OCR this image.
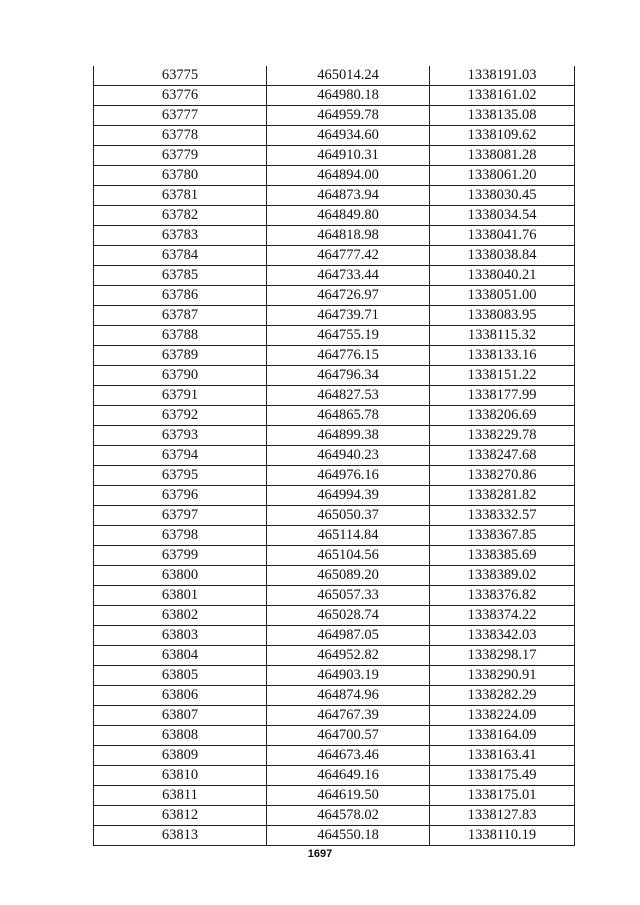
63775	465014.24	1338191.03
63776	464980.18	1338161.02
63777	464959.78	1338135.08
63778	464934.60	1338109.62
63779	464910.31	1338081.28
63780	464894.00	1338061.20
63781	464873.94	1338030.45
63782	464849.80	1338034.54
63783	464818.98	1338041.76
63784	464777.42	1338038.84
63785	464733.44	1338040.21
63786	464726.97	1338051.00
63787	464739.71	1338083.95
63788	464755.19	1338115.32
63789	464776.15	1338133.16
63790	464796.34	1338151.22
63791	464827.53	1338177.99
63792	464865.78	1338206.69
63793	464899.38	1338229.78
63794	464940.23	1338247.68
63795	464976.16	1338270.86
63796	464994.39	1338281.82
63797	465050.37	1338332.57
63798	465114.84	1338367.85
63799	465104.56	1338385.69
63800	465089.20	1338389.02
63801	465057.33	1338376.82
63802	465028.74	1338374.22
63803	464987.05	1338342.03
63804	464952.82	1338298.17
63805	464903.19	1338290.91
63806	464874.96	1338282.29
63807	464767.39	1338224.09
63808	464700.57	1338164.09
63809	464673.46	1338163.41
63810	464649.16	1338175.49
63811	464619.50	1338175.01
63812	464578.02	1338127.83
63813	464550.18	1338110.19
1697
